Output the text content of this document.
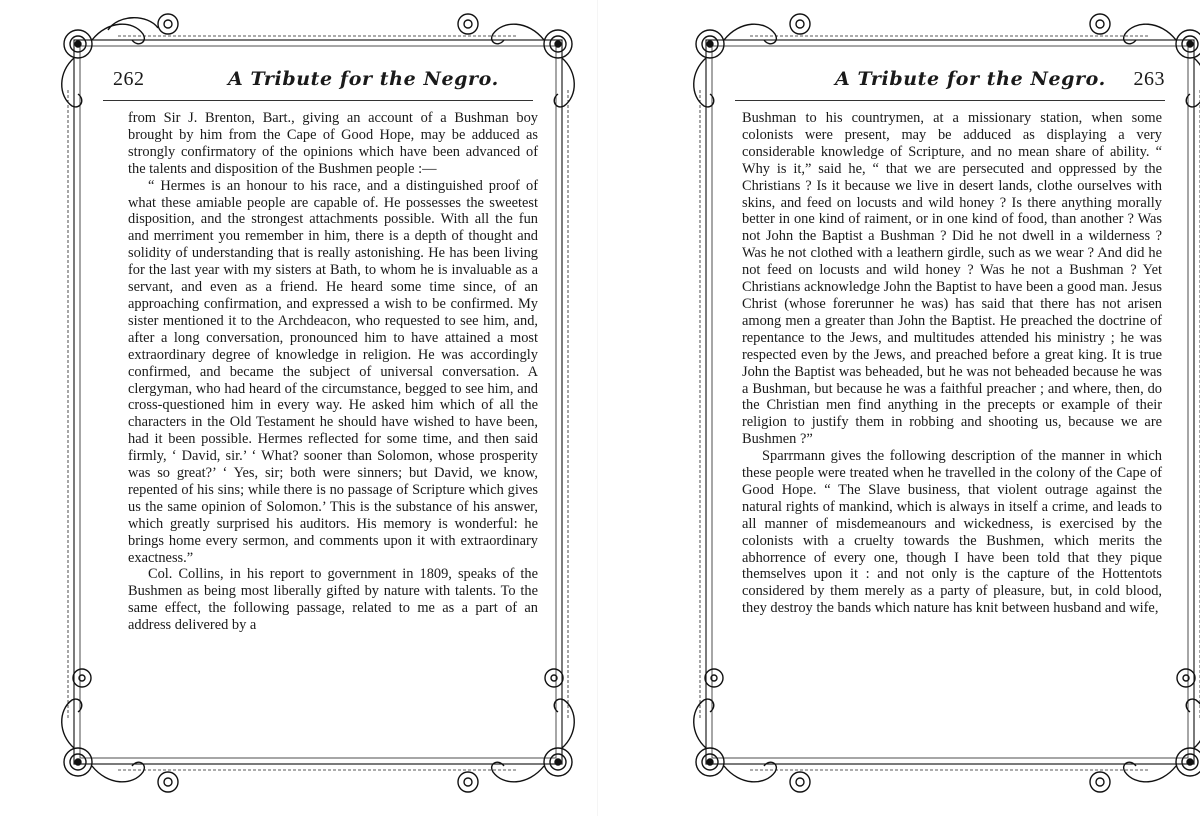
262	A Tribute for the Negro.

from Sir J. Brenton, Bart., giving an account of a Bushman boy brought by him from the Cape of Good Hope, may be adduced as strongly confirmatory of the opinions which have been advanced of the talents and disposition of the Bushmen people :—

“ Hermes is an honour to his race, and a distinguished proof of what these amiable people are capable of. He possesses the sweetest disposition, and the strongest attachments possible. With all the fun and merriment you remember in him, there is a depth of thought and solidity of understanding that is really astonishing. He has been living for the last year with my sisters at Bath, to whom he is invaluable as a servant, and even as a friend. He heard some time since, of an approaching confirmation, and expressed a wish to be confirmed. My sister mentioned it to the Archdeacon, who requested to see him, and, after a long conversation, pronounced him to have attained a most extraordinary degree of knowledge in religion. He was accordingly confirmed, and became the subject of universal conversation. A clergyman, who had heard of the circumstance, begged to see him, and cross-questioned him in every way. He asked him which of all the characters in the Old Testament he should have wished to have been, had it been possible. Hermes reflected for some time, and then said firmly, ‘ David, sir.’ ‘ What? sooner than Solomon, whose prosperity was so great?’ ‘ Yes, sir; both were sinners; but David, we know, repented of his sins; while there is no passage of Scripture which gives us the same opinion of Solomon.’ This is the substance of his answer, which greatly surprised his auditors. His memory is wonderful: he brings home every sermon, and comments upon it with extraordinary exactness.”

Col. Collins, in his report to government in 1809, speaks of the Bushmen as being most liberally gifted by nature with talents. To the same effect, the following passage, related to me as a part of an address delivered by a

A Tribute for the Negro. 263

Bushman to his countrymen, at a missionary station, when some colonists were present, may be adduced as displaying a very considerable knowledge of Scripture, and no mean share of ability. “ Why is it,” said he, “ that we are persecuted and oppressed by the Christians ? Is it because we live in desert lands, clothe ourselves with skins, and feed on locusts and wild honey ? Is there anything morally better in one kind of raiment, or in one kind of food, than another ? Was not John the Baptist a Bushman ? Did he not dwell in a wilderness ? Was he not clothed with a leathern girdle, such as we wear ? And did he not feed on locusts and wild honey ? Was he not a Bushman ? Yet Christians acknowledge John the Baptist to have been a good man. Jesus Christ (whose forerunner he was) has said that there has not arisen among men a greater than John the Baptist. He preached the doctrine of repentance to the Jews, and multitudes attended his ministry ; he was respected even by the Jews, and preached before a great king. It is true John the Baptist was beheaded, but he was not beheaded because he was a Bushman, but because he was a faithful preacher ; and where, then, do the Christian men find anything in the precepts or example of their religion to justify them in robbing and shooting us, because we are Bushmen ?”

Sparrmann gives the following description of the manner in which these people were treated when he travelled in the colony of the Cape of Good Hope. “ The Slave business, that violent outrage against the natural rights of mankind, which is always in itself a crime, and leads to all manner of misdemeanours and wickedness, is exercised by the colonists with a cruelty towards the Bushmen, which merits the abhorrence of every one, though I have been told that they pique themselves upon it : and not only is the capture of the Hottentots considered by them merely as a party of pleasure, but, in cold blood, they destroy the bands which nature has knit between husband and wife,
